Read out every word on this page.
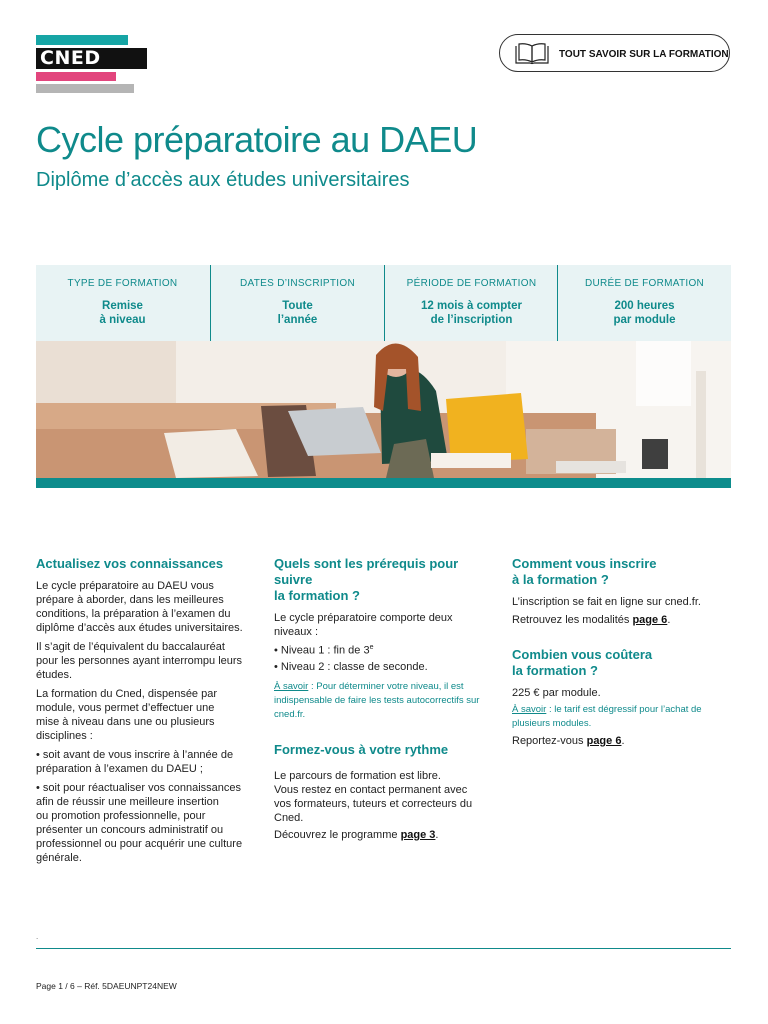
CNED	TOUT SAVOIR SUR LA FORMATION
Cycle préparatoire au DAEU
Diplôme d’accès aux études universitaires
TYPE DE FORMATION
Remise
à niveau
DATES D’INSCRIPTION
Toute
l’année
PÉRIODE DE FORMATION
12 mois à compter
de l’inscription
DURÉE DE FORMATION
200 heures
par module
Actualisez vos connaissances
Le cycle préparatoire au DAEU vous
prépare à aborder, dans les meilleures
conditions, la préparation à l’examen du
diplôme d’accès aux études universitaires.
Il s’agit de l’équivalent du baccalauréat
pour les personnes ayant interrompu leurs
études.
La formation du Cned, dispensée par
module, vous permet d’effectuer une
mise à niveau dans une ou plusieurs
disciplines :
• soit avant de vous inscrire à l’année de
préparation à l’examen du DAEU ;
• soit pour réactualiser vos connaissances
afin de réussir une meilleure insertion
ou promotion professionnelle, pour
présenter un concours administratif ou
professionnel ou pour acquérir une culture
générale.
Quels sont les prérequis pour suivre
la formation ?
Le cycle préparatoire comporte deux
niveaux :
• Niveau 1 : fin de 3e
• Niveau 2 : classe de seconde.
À savoir : Pour déterminer votre niveau, il est
indispensable de faire les tests autocorrectifs sur
cned.fr.
Formez-vous à votre rythme
Le parcours de formation est libre.
Vous restez en contact permanent avec
vos formateurs, tuteurs et correcteurs du
Cned.
Découvrez le programme page 3.
Comment vous inscrire
à la formation ?
L’inscription se fait en ligne sur cned.fr.
Retrouvez les modalités page 6.
Combien vous coûtera
la formation ?
225 € par module.
À savoir : le tarif est dégressif pour l’achat de
plusieurs modules.
Reportez-vous page 6.
.
Page 1 / 6 – Réf. 5DAEUNPT24NEW
